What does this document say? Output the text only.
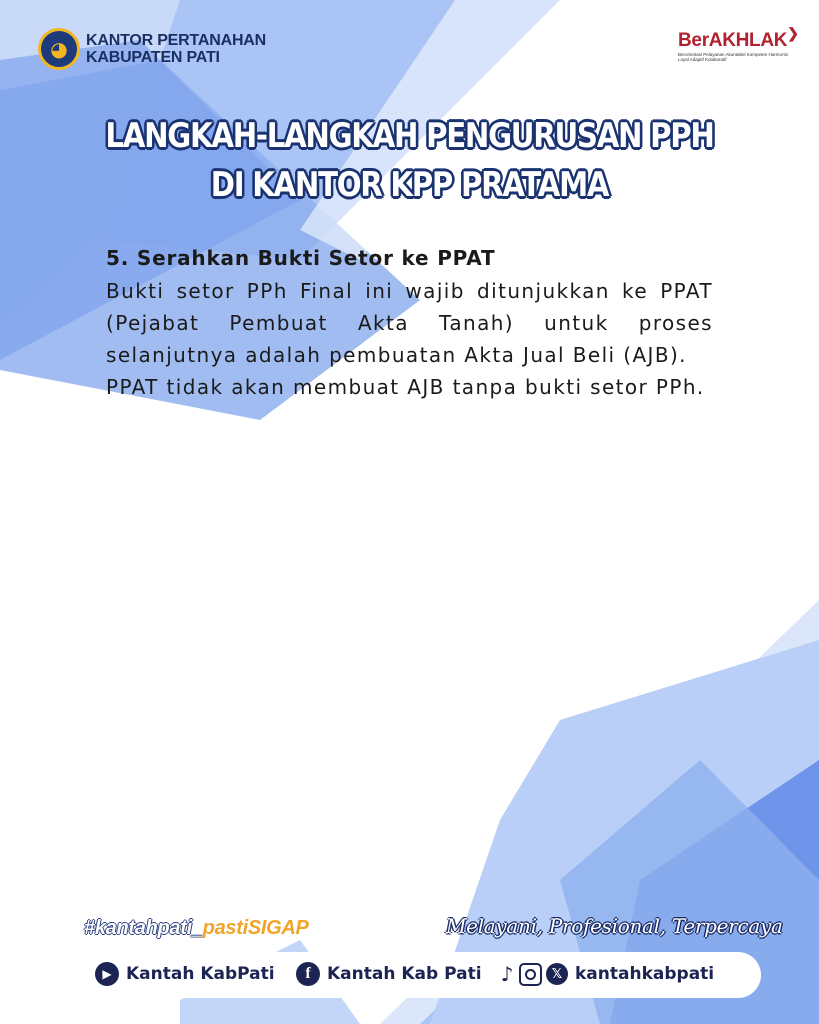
◕	KANTOR PERTANAHAN
KABUPATEN PATI
BerAKHLAK❯
Berorientasi Pelayanan Akuntabel Kompeten Harmonis Loyal Adaptif Kolaboratif
LANGKAH-LANGKAH PENGURUSAN PPH
DI KANTOR KPP PRATAMA
5. Serahkan Bukti Setor ke PPAT

Bukti setor PPh Final ini wajib ditunjukkan ke PPAT (Pejabat Pembuat Akta Tanah) untuk proses selanjutnya adalah pembuatan Akta Jual Beli (AJB).

PPAT tidak akan membuat AJB tanpa bukti setor PPh.

#kantahpati_pastiSIGAP	Melayani, Profesional, Terpercaya
▶ Kantah KabPati	f Kantah Kab Pati ♪	𝕏 kantahkabpati
